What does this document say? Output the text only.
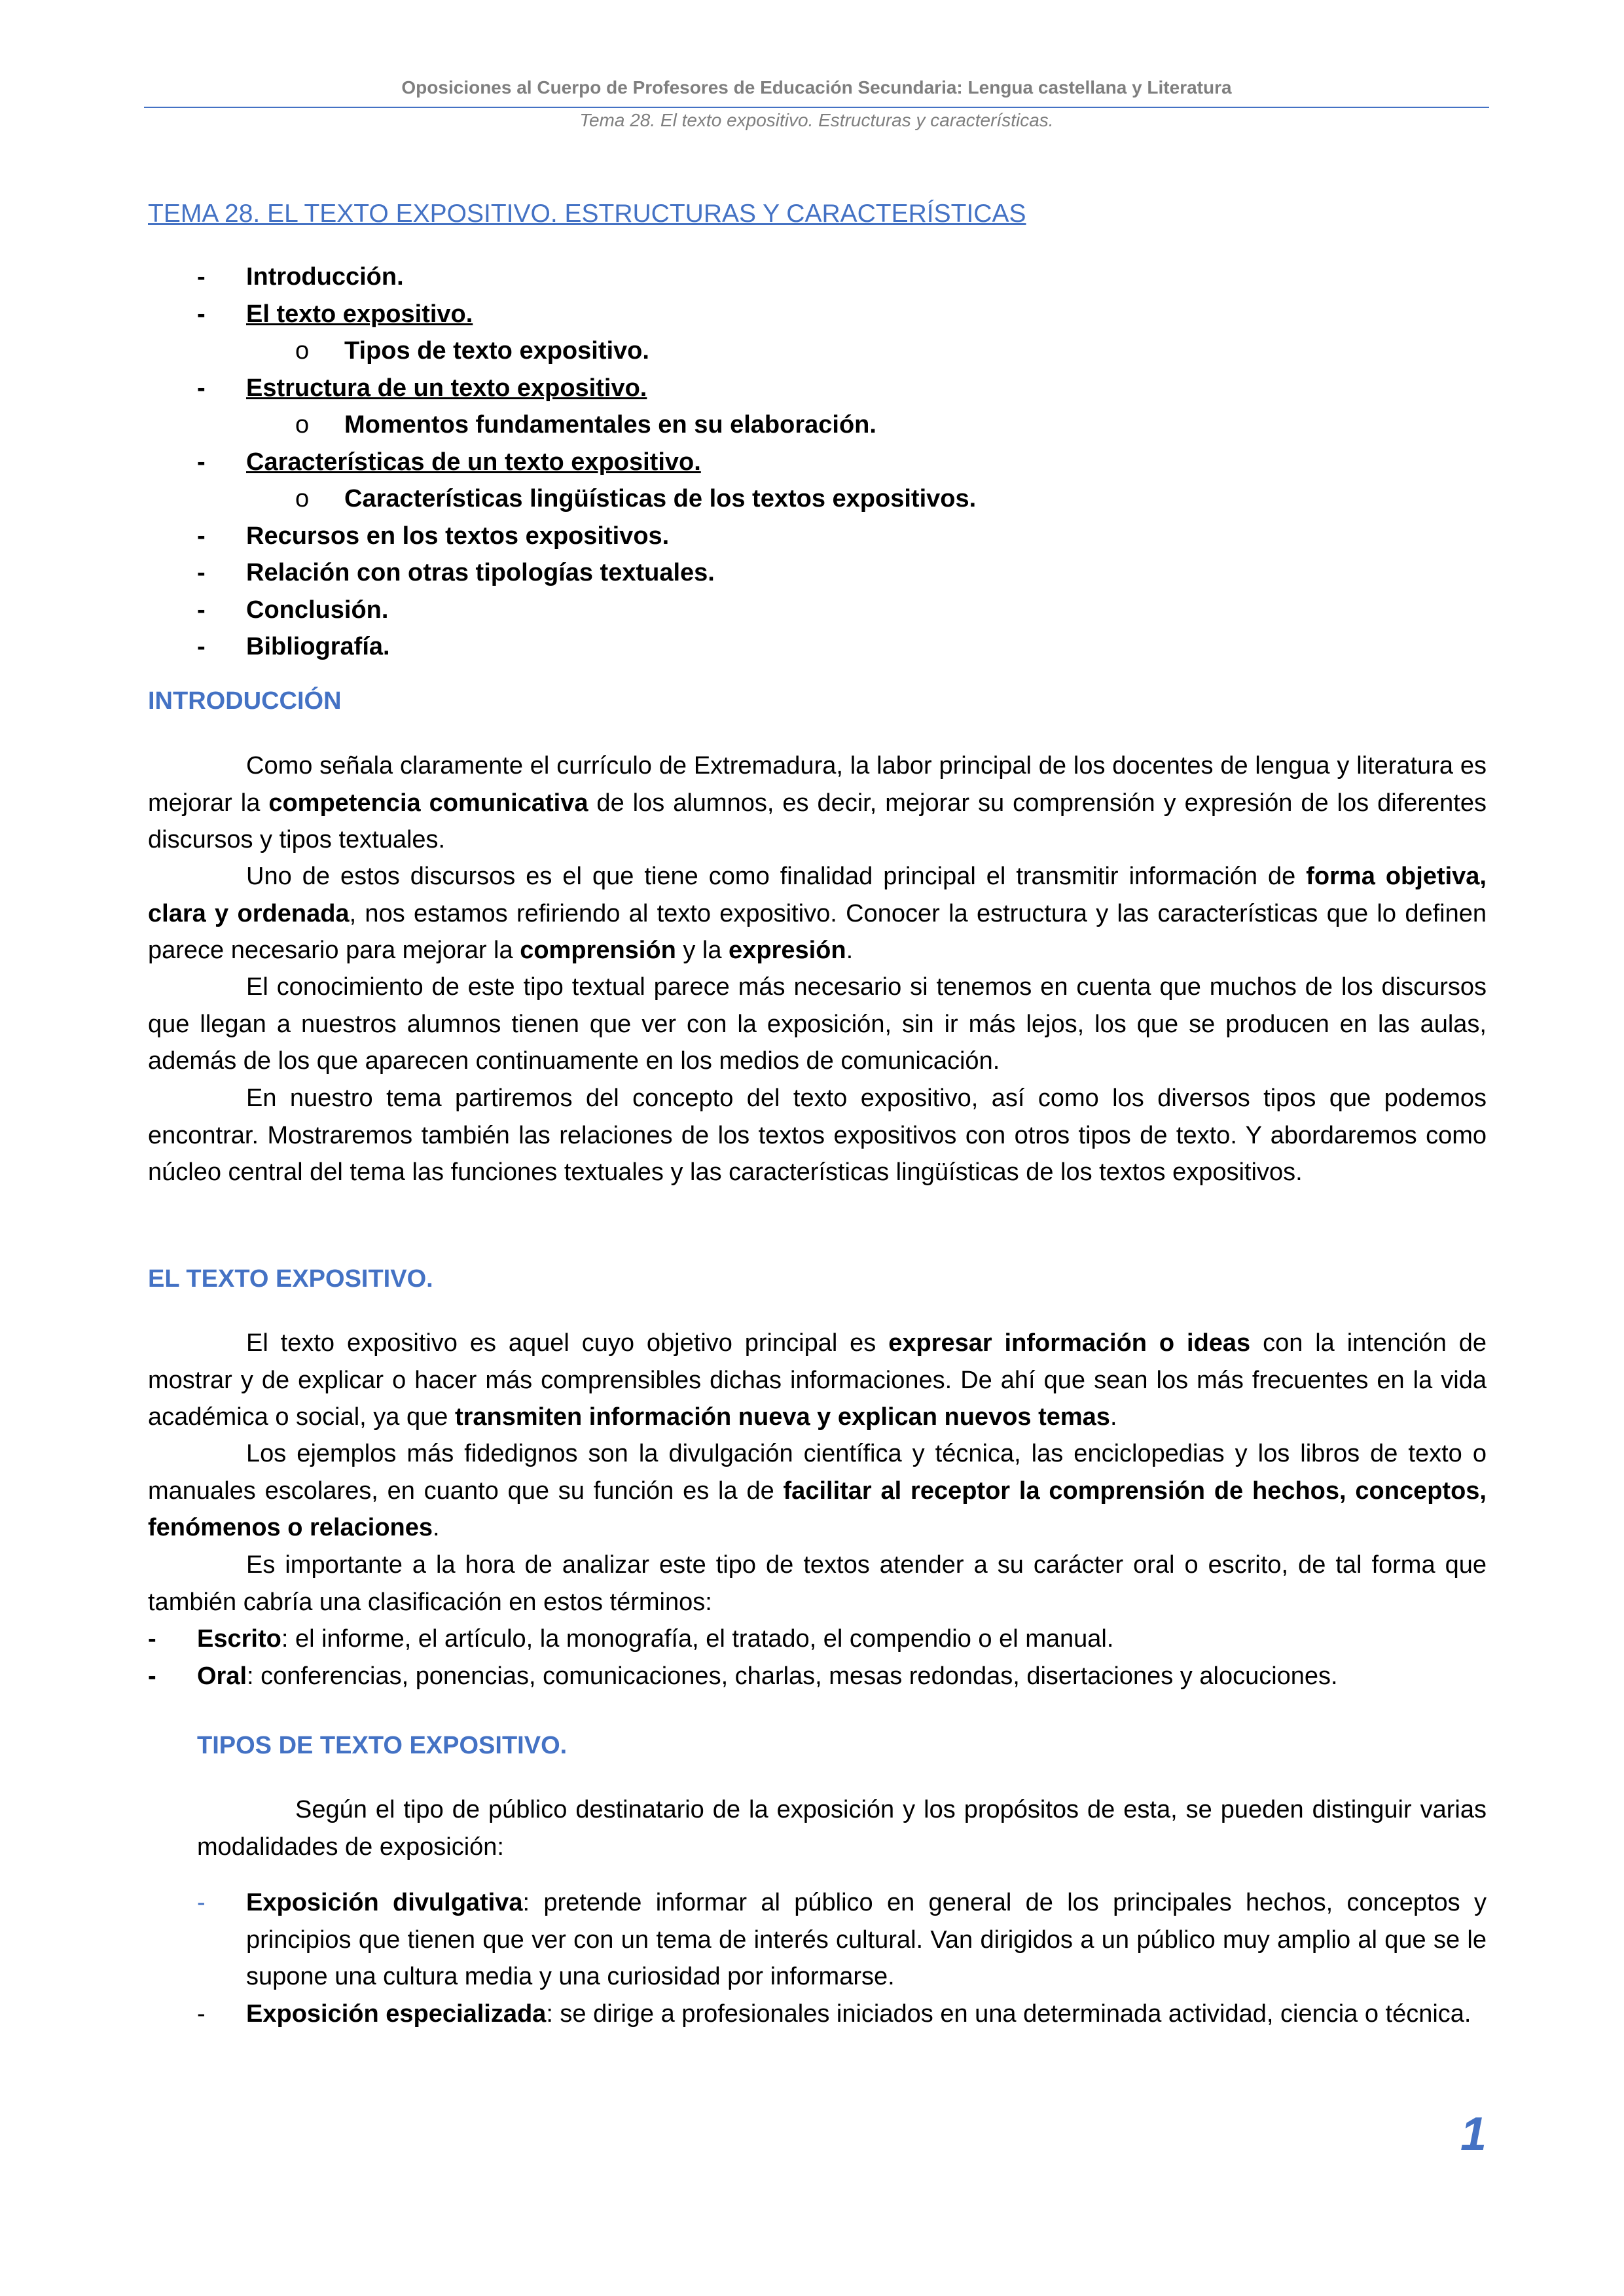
Oposiciones al Cuerpo de Profesores de Educación Secundaria: Lengua castellana y Literatura
Tema 28. El texto expositivo. Estructuras y características.
TEMA 28. EL TEXTO EXPOSITIVO. ESTRUCTURAS Y CARACTERÍSTICAS
- Introducción.
- El texto expositivo.
o Tipos de texto expositivo.
- Estructura de un texto expositivo.
o Momentos fundamentales en su elaboración.
- Características de un texto expositivo.
o Características lingüísticas de los textos expositivos.
- Recursos en los textos expositivos.
- Relación con otras tipologías textuales.
- Conclusión.
- Bibliografía.
INTRODUCCIÓN

Como señala claramente el currículo de Extremadura, la labor principal de los docentes de lengua y literatura es mejorar la competencia comunicativa de los alumnos, es decir, mejorar su comprensión y expresión de los diferentes discursos y tipos textuales.

Uno de estos discursos es el que tiene como finalidad principal el transmitir información de forma objetiva, clara y ordenada, nos estamos refiriendo al texto expositivo. Conocer la estructura y las características que lo definen parece necesario para mejorar la comprensión y la expresión.

El conocimiento de este tipo textual parece más necesario si tenemos en cuenta que muchos de los discursos que llegan a nuestros alumnos tienen que ver con la exposición, sin ir más lejos, los que se producen en las aulas, además de los que aparecen continuamente en los medios de comunicación.

En nuestro tema partiremos del concepto del texto expositivo, así como los diversos tipos que podemos encontrar. Mostraremos también las relaciones de los textos expositivos con otros tipos de texto. Y abordaremos como núcleo central del tema las funciones textuales y las características lingüísticas de los textos expositivos.

EL TEXTO EXPOSITIVO.

El texto expositivo es aquel cuyo objetivo principal es expresar información o ideas con la intención de mostrar y de explicar o hacer más comprensibles dichas informaciones. De ahí que sean los más frecuentes en la vida académica o social, ya que transmiten información nueva y explican nuevos temas.

Los ejemplos más fidedignos son la divulgación científica y técnica, las enciclopedias y los libros de texto o manuales escolares, en cuanto que su función es la de facilitar al receptor la comprensión de hechos, conceptos, fenómenos o relaciones.

Es importante a la hora de analizar este tipo de textos atender a su carácter oral o escrito, de tal forma que también cabría una clasificación en estos términos:

- Escrito: el informe, el artículo, la monografía, el tratado, el compendio o el manual.
- Oral: conferencias, ponencias, comunicaciones, charlas, mesas redondas, disertaciones y alocuciones.
TIPOS DE TEXTO EXPOSITIVO.

Según el tipo de público destinatario de la exposición y los propósitos de esta, se pueden distinguir varias modalidades de exposición:

- Exposición divulgativa: pretende informar al público en general de los principales hechos, conceptos y principios que tienen que ver con un tema de interés cultural. Van dirigidos a un público muy amplio al que se le supone una cultura media y una curiosidad por informarse.
- Exposición especializada: se dirige a profesionales iniciados en una determinada actividad, ciencia o técnica.
1
